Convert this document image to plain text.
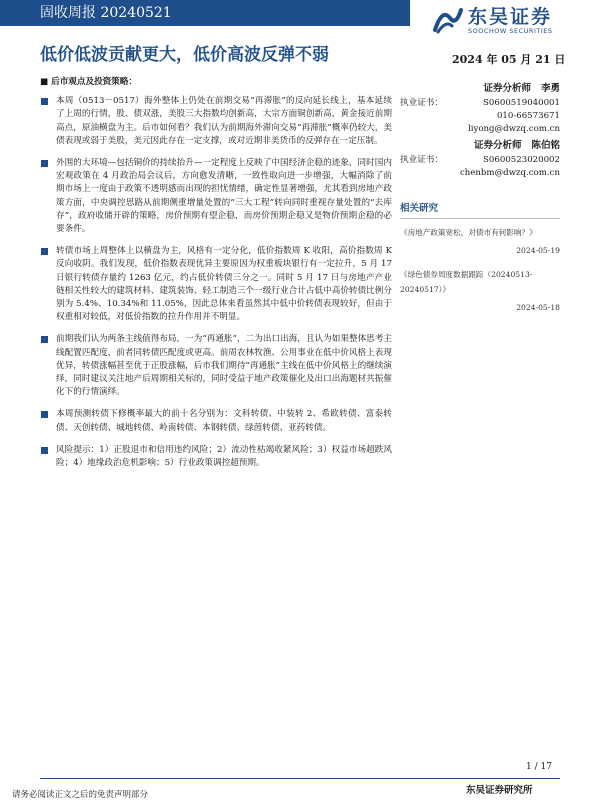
固收周报 20240521	东吴证券
SOOCHOW SECURITIES
低价低波贡献更大，低价高波反弹不弱	2024 年 05 月 21 日
■ 后市观点及投资策略：
本周（0513－0517）海外整体上仍处在前期交易“再滞胀”的反向延长线上，基本延续了上周的行情，股、债双涨，美股三大指数均创新高，大宗方面铜创新高，黄金接近前期高点，原油横盘为主。后市如何看？我们认为前期海外滞向交易“再滞胀”概率仍较大，美债表现或弱于美股，美元因此存在一定支撑，或对近期非美货币的反弹存在一定压制。
外围的大环境—包括铜价的持续抬升—一定程度上反映了中国经济企稳的迹象，同时国内宏观政策在 4 月政治局会议后，方向愈发清晰，一致性取向进一步增强，大幅消除了前期市场上一度由于政策不透明感而出现的担忧情绪，确定性显著增强，尤其看到房地产政策方面，中央调控思路从前期侧重增量处置的“三大工程”转向同时重视存量处置的“去库存”，政府收储开辟的策略，房价预期有望企稳，而房价预期企稳又是物价预期企稳的必要条件。
转债市场上周整体上以横盘为主，风格有一定分化，低价指数周 K 收阳，高价指数周 K 反向收阴。我们发现，低价指数表现优异主要原因为权重板块银行有一定拉升，5 月 17 日银行转债存量约 1263 亿元，约占低价转债三分之一。同时 5 月 17 日与房地产产业链相关性较大的建筑材料、建筑装饰、轻工制造三个一级行业合计占低中高价转债比例分别为 5.4%、10.34%和 11.05%，因此总体来看虽然其中低中价转债表现较好，但由于权重相对较低，对低价指数的拉升作用并不明显。
前期我们认为两条主线值得布局，一为“再通胀”，二为出口出海，且认为如果整体思考主线配置匹配度，前者同转债匹配度或更高。前周农林牧渔、公用事业在低中价风格上表现优异，转债涨幅甚至优于正股涨幅，后市我们期待“再通胀”主线在低中价风格上的继续演绎，同时建议关注地产后周期相关标的，同时受益于地产政策催化及出口出海题材共振催化下的行情演绎。
本周预测转债下修概率最大的前十名分别为：文科转债、中装转 2、希欧转债、富泰转债、天创转债、城地转债、岭南转债、本钢转债、绿茵转债、亚药转债。
风险提示：1）正股退市和信用违约风险；2）流动性枯竭收紧风险；3）权益市场超跌风险；4）地缘政治危机影响；5）行业政策调控超预期。
证券分析师 李勇
执业证书：	S0600519040001
010-66573671
liyong@dwzq.com.cn
证券分析师 陈伯铭
执业证书：	S0600523020002
chenbm@dwzq.com.cn
相关研究
《房地产政策宽松，对债市有何影响？》
2024-05-19
《绿色债券周度数据跟踪（20240513-20240517）》
2024-05-18
1 / 17
请务必阅读正文之后的免责声明部分	东吴证券研究所
